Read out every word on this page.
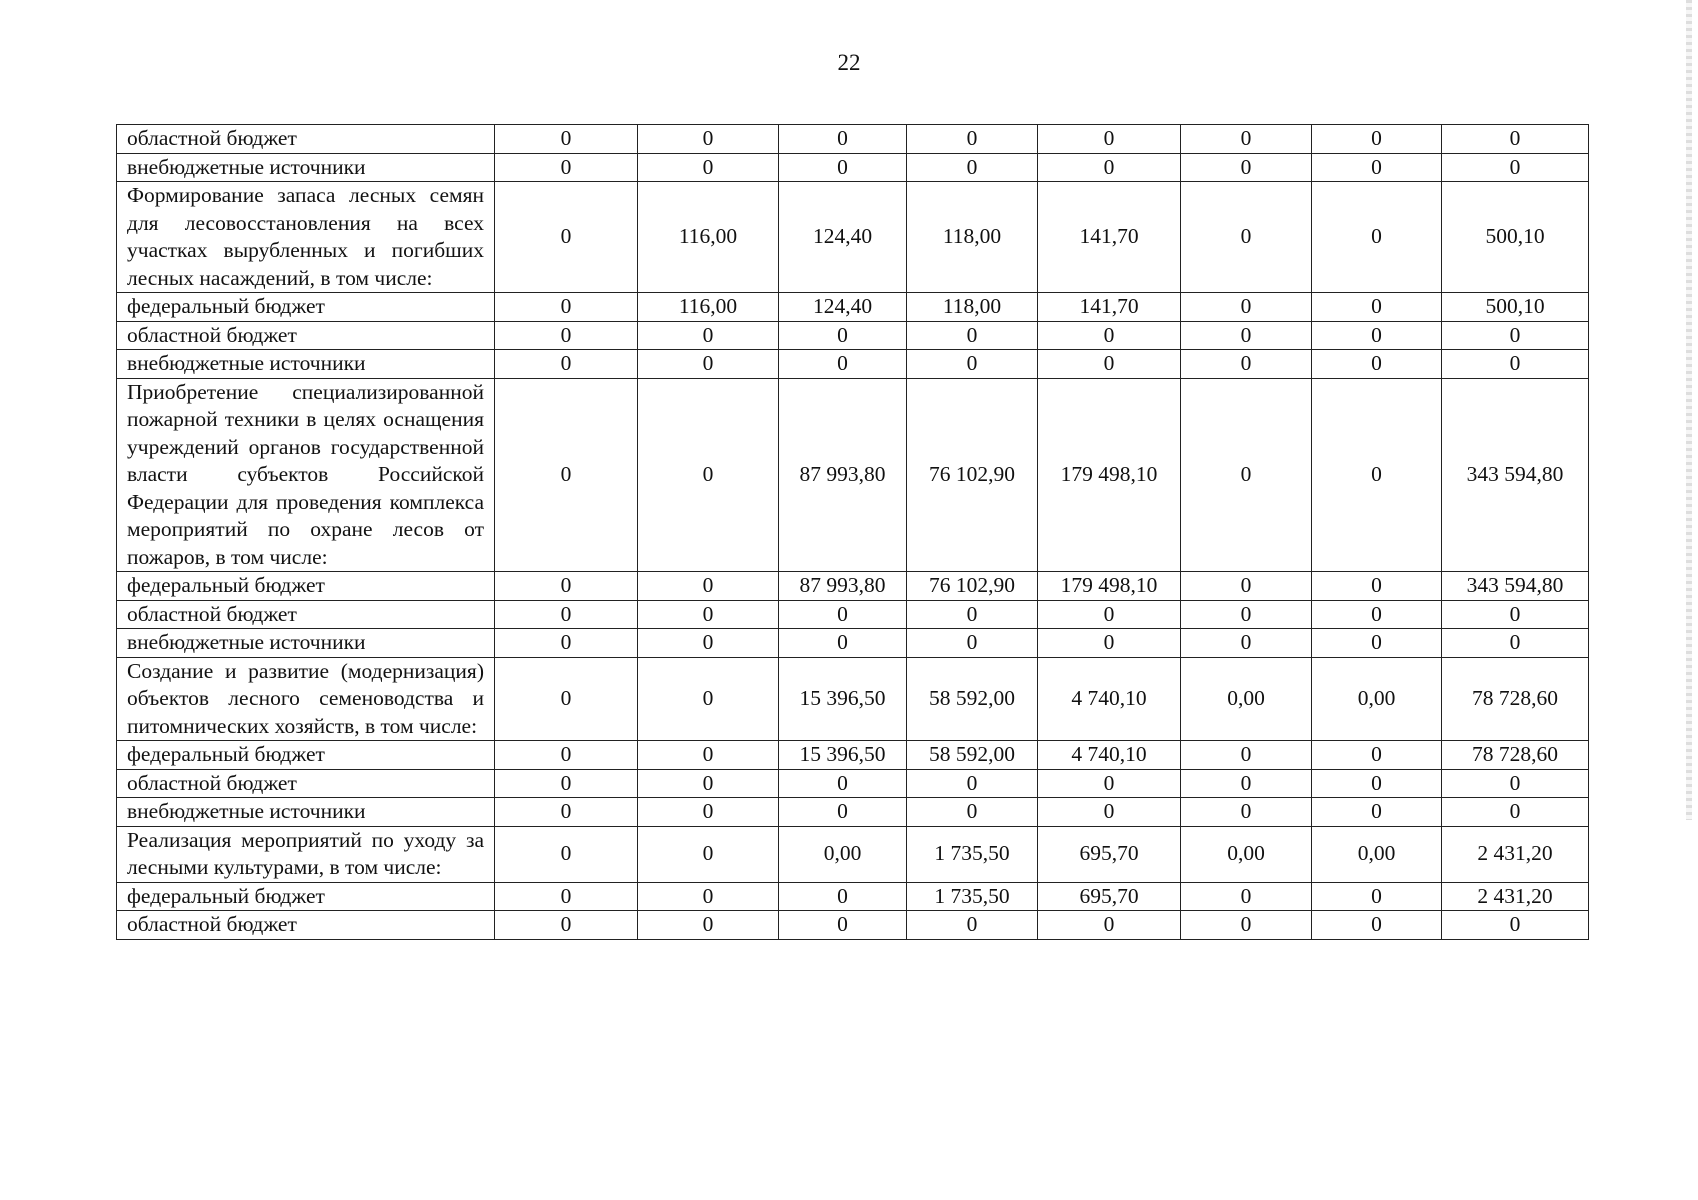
22
областной бюджет	0	0	0	0	0	0	0	0
внебюджетные источники	0	0	0	0	0	0	0	0
Формирование запаса лесных семян для лесовосстановления на всех участках вырубленных и погибших лесных насаждений, в том числе:	0	116,00	124,40	118,00	141,70	0	0	500,10
федеральный бюджет	0	116,00	124,40	118,00	141,70	0	0	500,10
областной бюджет	0	0	0	0	0	0	0	0
внебюджетные источники	0	0	0	0	0	0	0	0
Приобретение специализированной пожарной техники в целях оснащения учреждений органов государственной власти субъектов Российской Федерации для проведения комплекса мероприятий по охране лесов от пожаров, в том числе:	0	0	87 993,80	76 102,90	179 498,10	0	0	343 594,80
федеральный бюджет	0	0	87 993,80	76 102,90	179 498,10	0	0	343 594,80
областной бюджет	0	0	0	0	0	0	0	0
внебюджетные источники	0	0	0	0	0	0	0	0
Создание и развитие (модернизация) объектов лесного семеноводства и питомнических хозяйств, в том числе:	0	0	15 396,50	58 592,00	4 740,10	0,00	0,00	78 728,60
федеральный бюджет	0	0	15 396,50	58 592,00	4 740,10	0	0	78 728,60
областной бюджет	0	0	0	0	0	0	0	0
внебюджетные источники	0	0	0	0	0	0	0	0
Реализация мероприятий по уходу за лесными культурами, в том числе:	0	0	0,00	1 735,50	695,70	0,00	0,00	2 431,20
федеральный бюджет	0	0	0	1 735,50	695,70	0	0	2 431,20
областной бюджет	0	0	0	0	0	0	0	0
